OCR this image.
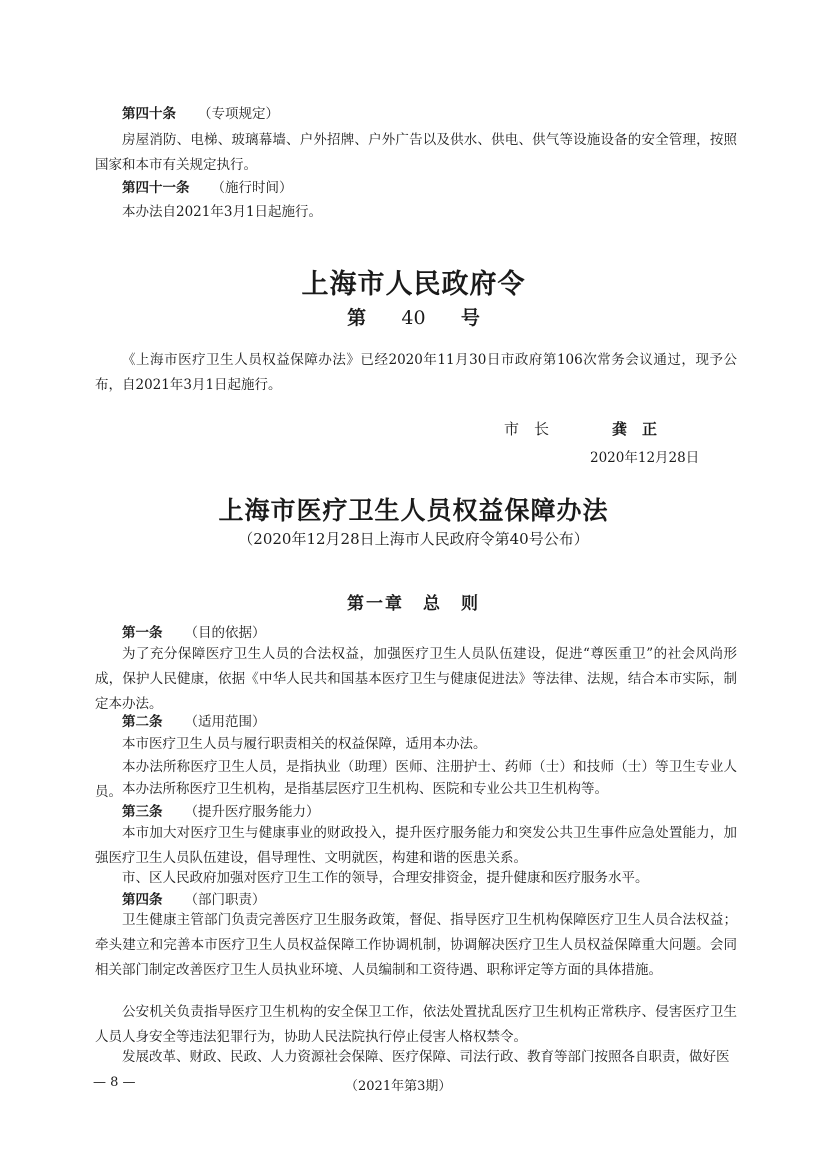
第四十条 （专项规定）

房屋消防、电梯、玻璃幕墙、户外招牌、户外广告以及供水、供电、供气等设施设备的安全管理，按照国家和本市有关规定执行。

第四十一条 （施行时间）

本办法自2021年3月1日起施行。

上海市人民政府令
第 40 号

《上海市医疗卫生人员权益保障办法》已经2020年11月30日市政府第106次常务会议通过，现予公布，自2021年3月1日起施行。

市　长	龚　正
2020年12月28日
上海市医疗卫生人员权益保障办法
（2020年12月28日上海市人民政府令第40号公布）
第一章　总　则

第一条 （目的依据）

为了充分保障医疗卫生人员的合法权益，加强医疗卫生人员队伍建设，促进“尊医重卫”的社会风尚形成，保护人民健康，依据《中华人民共和国基本医疗卫生与健康促进法》等法律、法规，结合本市实际，制定本办法。

第二条 （适用范围）

本市医疗卫生人员与履行职责相关的权益保障，适用本办法。

本办法所称医疗卫生人员，是指执业（助理）医师、注册护士、药师（士）和技师（士）等卫生专业人员。 本办法所称医疗卫生机构，是指基层医疗卫生机构、医院和专业公共卫生机构等。

第三条 （提升医疗服务能力）

本市加大对医疗卫生与健康事业的财政投入，提升医疗服务能力和突发公共卫生事件应急处置能力，加强医疗卫生人员队伍建设，倡导理性、文明就医，构建和谐的医患关系。

市、区人民政府加强对医疗卫生工作的领导，合理安排资金，提升健康和医疗服务水平。

第四条 （部门职责）

卫生健康主管部门负责完善医疗卫生服务政策，督促、指导医疗卫生机构保障医疗卫生人员合法权益；牵头建立和完善本市医疗卫生人员权益保障工作协调机制，协调解决医疗卫生人员权益保障重大问题。会同相关部门制定改善医疗卫生人员执业环境、人员编制和工资待遇、职称评定等方面的具体措施。

公安机关负责指导医疗卫生机构的安全保卫工作，依法处置扰乱医疗卫生机构正常秩序、侵害医疗卫生人员人身安全等违法犯罪行为，协助人民法院执行停止侵害人格权禁令。

发展改革、财政、民政、人力资源社会保障、医疗保障、司法行政、教育等部门按照各自职责，做好医

— 8 —	（2021年第3期）
